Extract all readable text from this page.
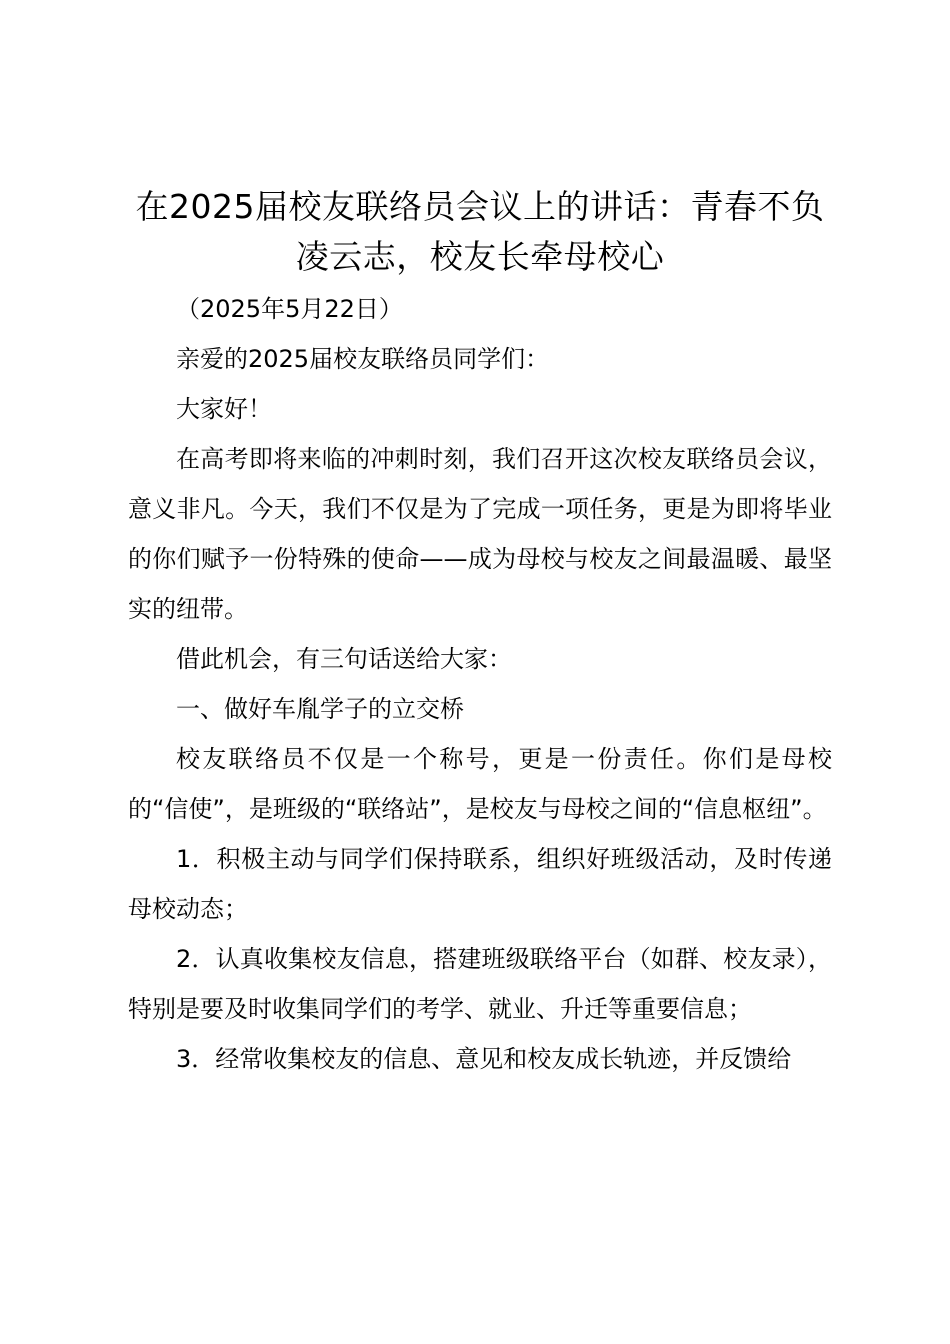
在2025届校友联络员会议上的讲话：青春不负凌云志，校友长牵母校心

（2025年5月22日）

亲爱的2025届校友联络员同学们：

大家好！

在高考即将来临的冲刺时刻，我们召开这次校友联络员会议，意义非凡。今天，我们不仅是为了完成一项任务，更是为即将毕业的你们赋予一份特殊的使命——成为母校与校友之间最温暖、最坚实的纽带。

借此机会，有三句话送给大家：

一、做好车胤学子的立交桥

校友联络员不仅是一个称号，更是一份责任。你们是母校的“信使”，是班级的“联络站”，是校友与母校之间的“信息枢纽”。

1．积极主动与同学们保持联系，组织好班级活动，及时传递母校动态；

2．认真收集校友信息，搭建班级联络平台（如群、校友录），特别是要及时收集同学们的考学、就业、升迁等重要信息；

3．经常收集校友的信息、意见和校友成长轨迹，并反馈给
